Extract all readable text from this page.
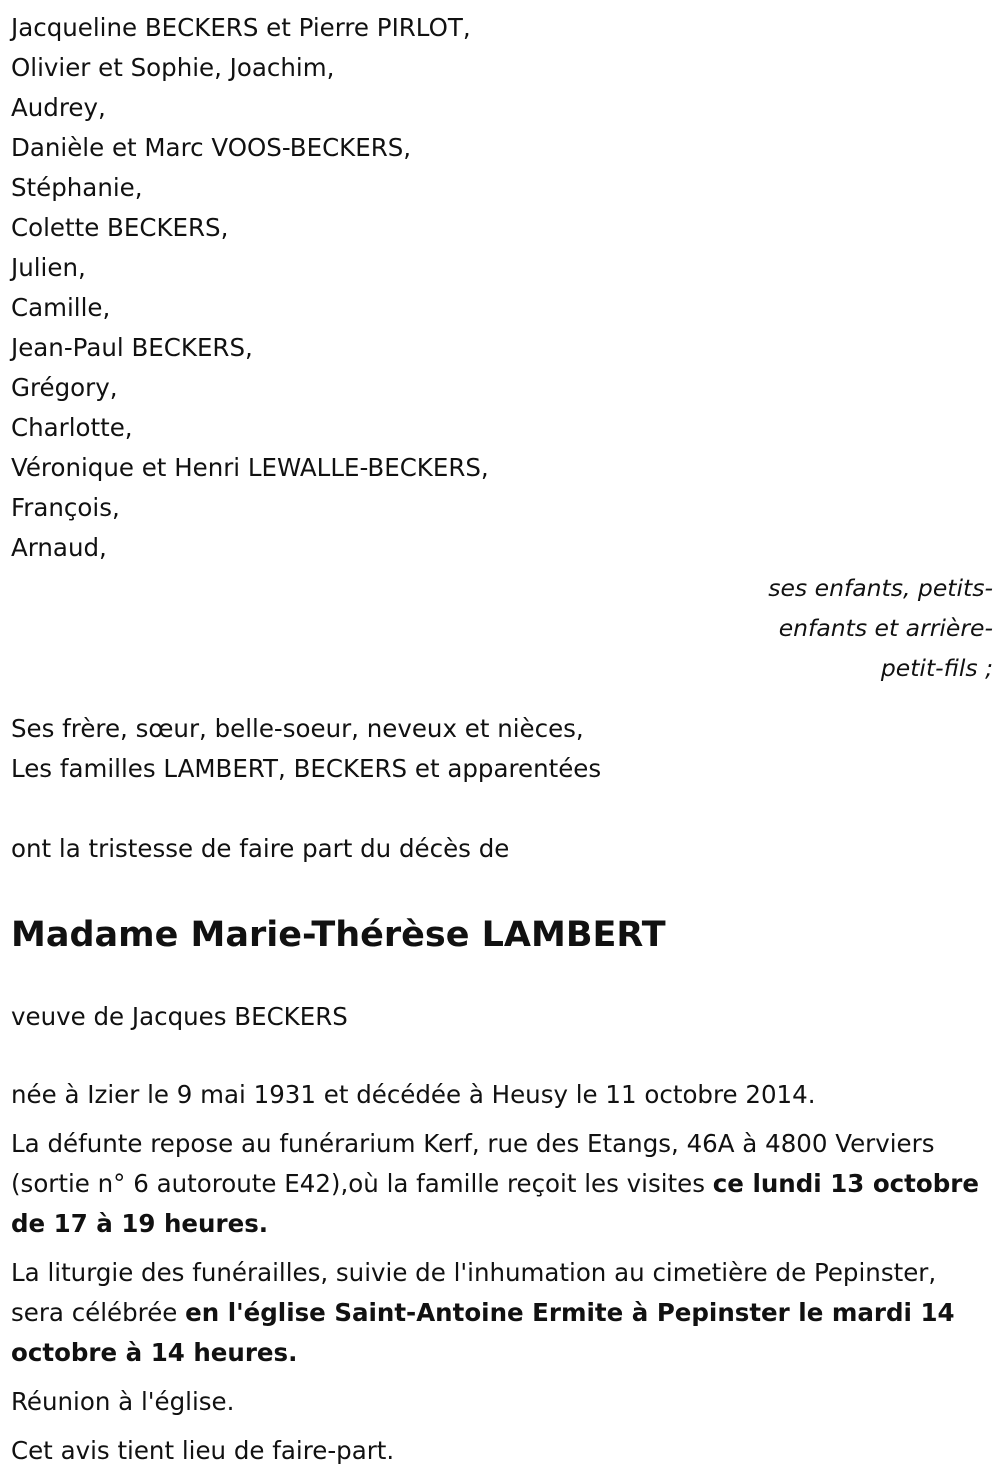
Jacqueline BECKERS et Pierre PIRLOT,
Olivier et Sophie, Joachim,
Audrey,
Danièle et Marc VOOS-BECKERS,
Stéphanie,
Colette BECKERS,
Julien,
Camille,
Jean-Paul BECKERS,
Grégory,
Charlotte,
Véronique et Henri LEWALLE-BECKERS,
François,
Arnaud,
ses enfants, petits-
enfants et arrière-
petit-fils ;
Ses frère, sœur, belle-soeur, neveux et nièces,
Les familles LAMBERT, BECKERS et apparentées
ont la tristesse de faire part du décès de
Madame Marie-Thérèse LAMBERT
veuve de Jacques BECKERS

née à Izier le 9 mai 1931 et décédée à Heusy le 11 octobre 2014.

La défunte repose au funérarium Kerf, rue des Etangs, 46A à 4800 Verviers (sortie n° 6 autoroute E42),où la famille reçoit les visites ce lundi 13 octobre de 17 à 19 heures.

La liturgie des funérailles, suivie de l'inhumation au cimetière de Pepinster, sera célébrée en l'église Saint-Antoine Ermite à Pepinster le mardi 14 octobre à 14 heures.

Réunion à l'église.

Cet avis tient lieu de faire-part.
